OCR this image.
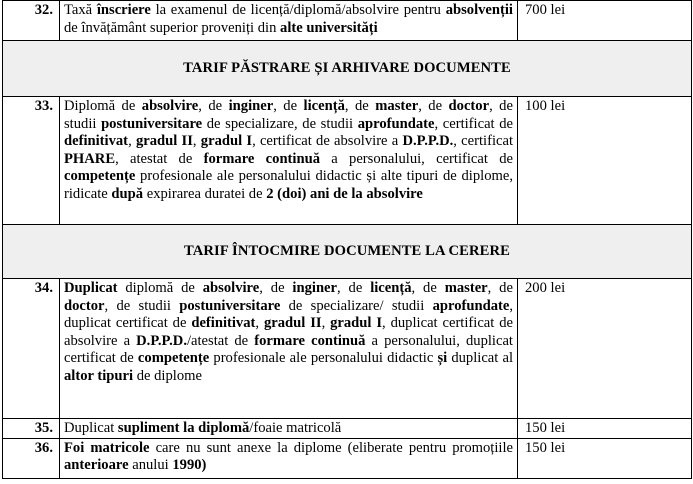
32.	Taxă înscriere la examenul de licență/diplomă/absolvire pentru absolvenții de învățământ superior proveniți din alte universități	700 lei
TARIF PĂSTRARE ȘI ARHIVARE DOCUMENTE		
33.	Diplomă de absolvire, de inginer, de licență, de master, de doctor, de studii postuniversitare de specializare, de studii aprofundate, certificat de definitivat, gradul II, gradul I, certificat de absolvire a D.P.P.D., certificat PHARE, atestat de formare continuă a personalului, certificat de competențe profesionale ale personalului didactic și alte tipuri de diplome, ridicate după expirarea duratei de 2 (doi) ani de la absolvire	100 lei
TARIF ÎNTOCMIRE DOCUMENTE LA CERERE		
34.	Duplicat diplomă de absolvire, de inginer, de licență, de master, de doctor, de studii postuniversitare de specializare/ studii aprofundate, duplicat certificat de definitivat, gradul II, gradul I, duplicat certificat de absolvire a D.P.P.D./atestat de formare continuă a personalului, duplicat certificat de competențe profesionale ale personalului didactic și duplicat al altor tipuri de diplome	200 lei
35.	Duplicat supliment la diplomă/foaie matricolă	150 lei
36.	Foi matricole care nu sunt anexe la diplome (eliberate pentru promoțiile anterioare anului 1990)	150 lei
